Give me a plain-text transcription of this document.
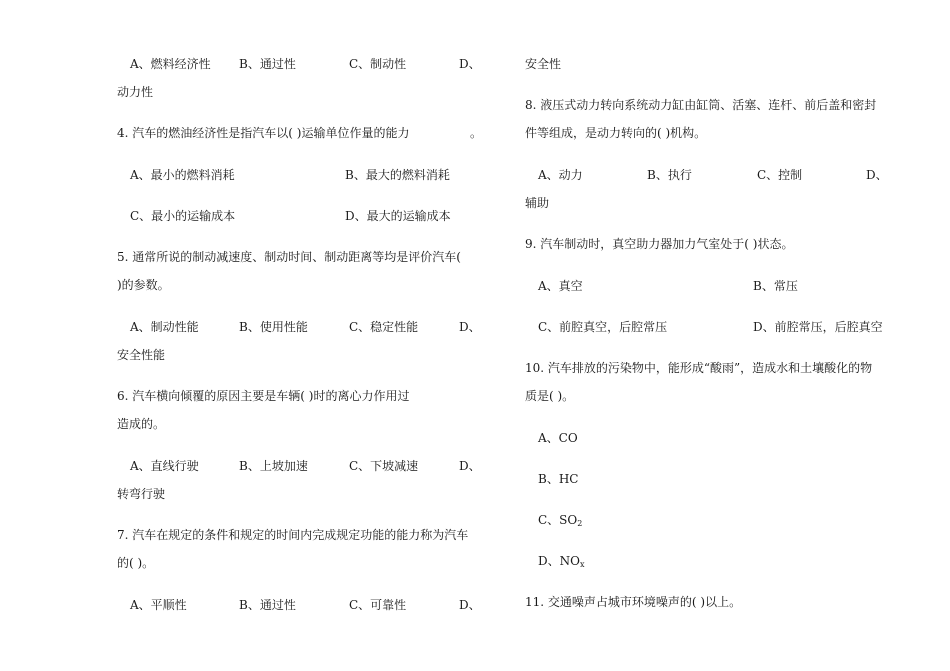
A、燃料经济性 B、通过性	C、制动性	D、
动力性
4. 汽车的燃油经济性是指汽车以( )运输单位作量的能力	。
A、最小的燃料消耗	B、最大的燃料消耗
C、最小的运输成本	D、最大的运输成本
5. 通常所说的制动减速度、制动时间、制动距离等均是评价汽车(
)的参数。
A、制动性能	B、使用性能	C、稳定性能	D、
安全性能
6. 汽车横向倾覆的原因主要是车辆( )时的离心力作用过
造成的。
A、直线行驶	B、上坡加速	C、下坡减速	D、
转弯行驶
7. 汽车在规定的条件和规定的时间内完成规定功能的能力称为汽车
的( )。
A、平顺性	B、通过性	C、可靠性	D、
安全性
8. 液压式动力转向系统动力缸由缸筒、活塞、连杆、前后盖和密封
件等组成，是动力转向的( )机构。
A、动力	B、执行	C、控制	D、
辅助
9. 汽车制动时，真空助力器加力气室处于( )状态。
A、真空	B、常压
C、前腔真空，后腔常压	D、前腔常压，后腔真空
10. 汽车排放的污染物中，能形成“酸雨”，造成水和土壤酸化的物
质是( )。
A、CO
B、HC
C、$SO_2$
D、$NO_x$
11. 交通噪声占城市环境噪声的( )以上。
